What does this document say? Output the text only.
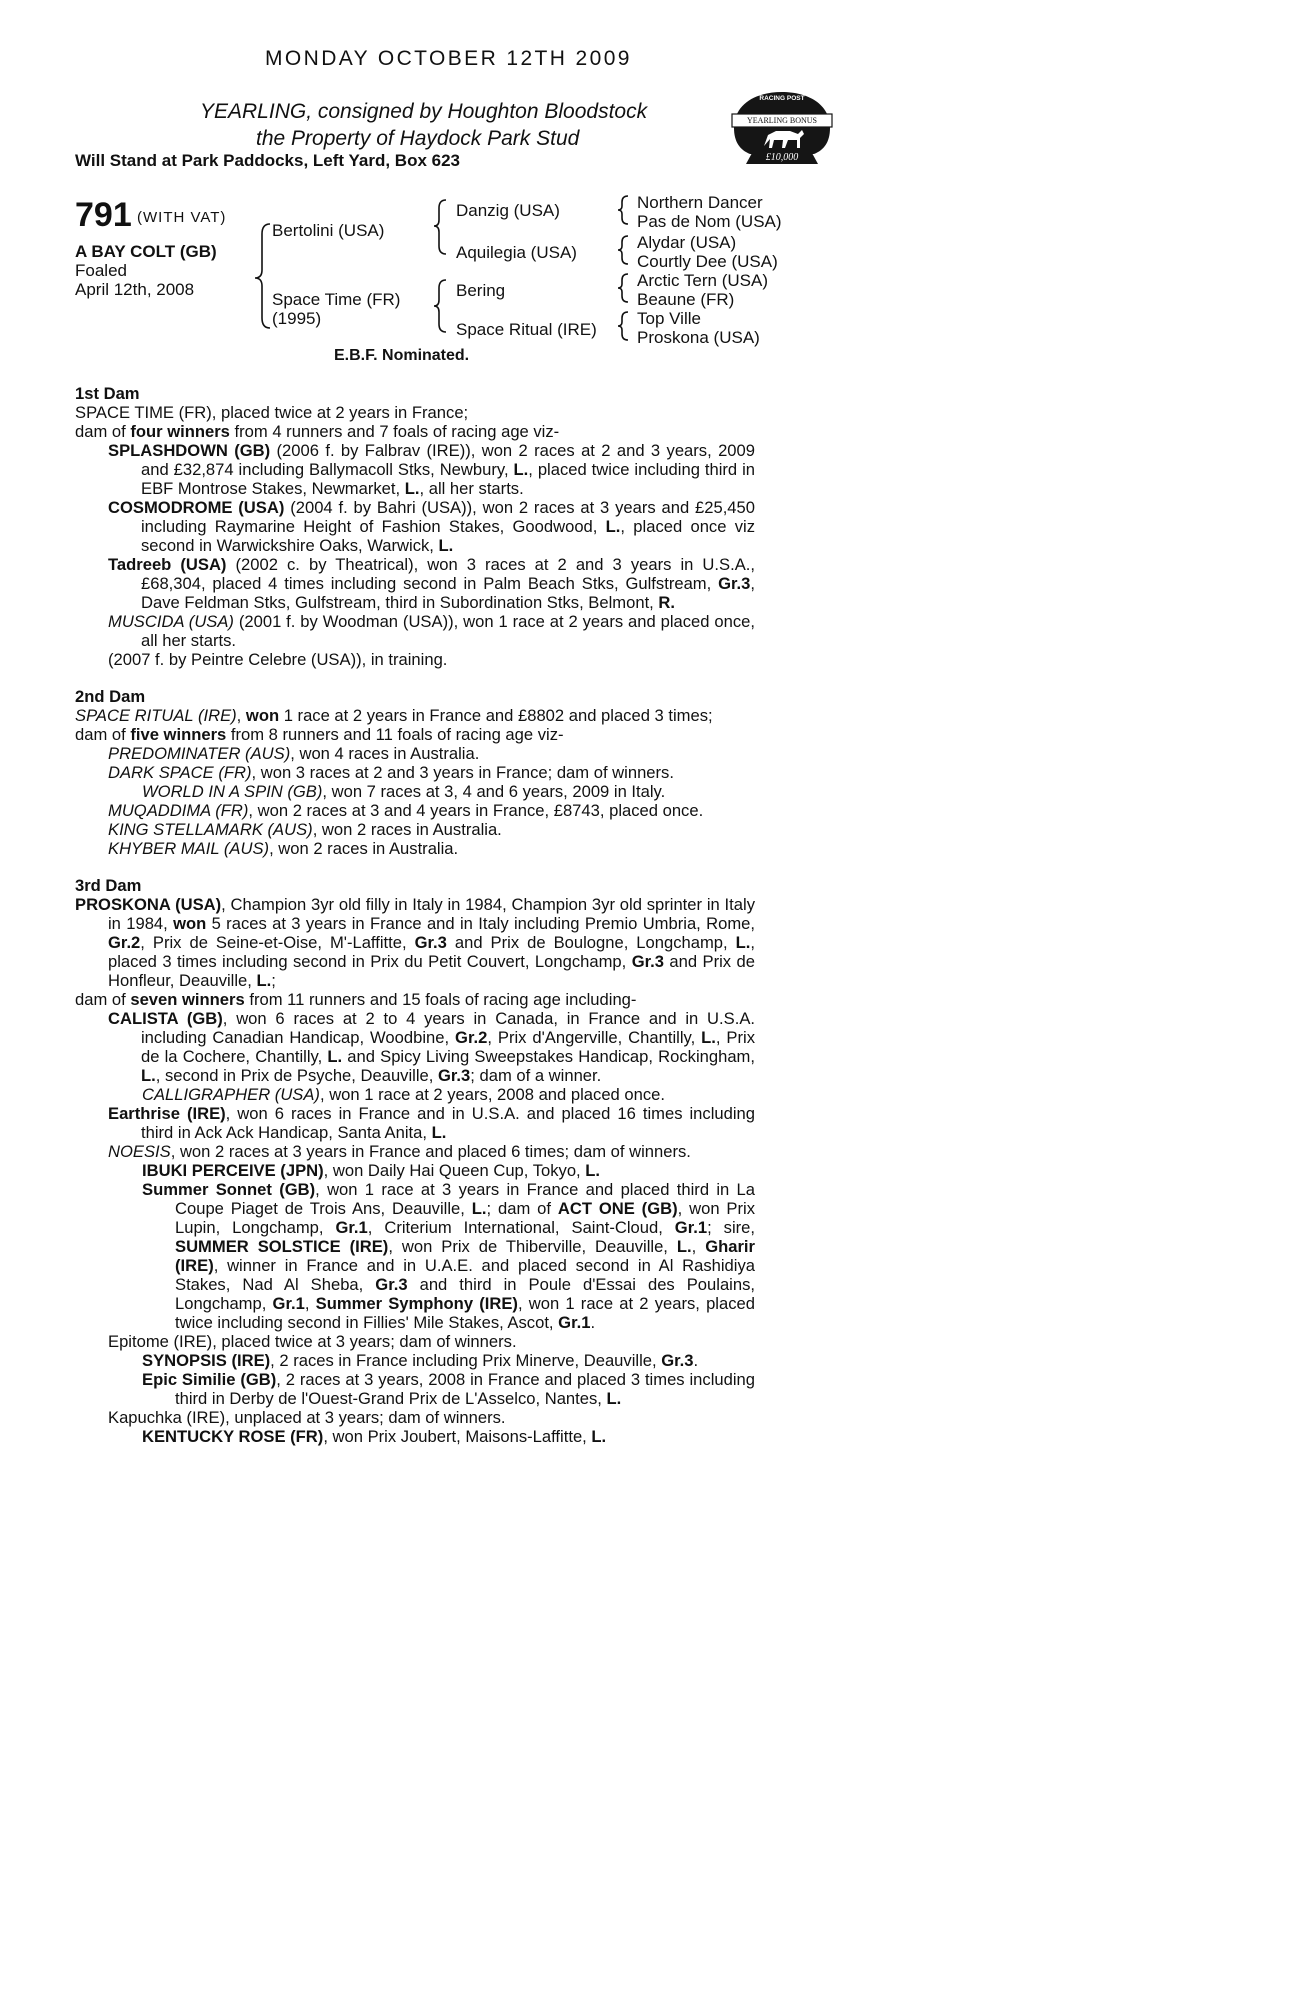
MONDAY OCTOBER 12TH 2009
YEARLING, consigned by Houghton Bloodstock
the Property of Haydock Park Stud
Will Stand at Park Paddocks, Left Yard, Box 623
RACING POST
YEARLING BONUS
£10,000
791 (WITH VAT)
A BAY COLT (GB)
Foaled
April 12th, 2008
Bertolini (USA)
Space Time (FR)
(1995)
Danzig (USA)
Aquilegia (USA)
Bering
Space Ritual (IRE)
Northern Dancer
Pas de Nom (USA)
Alydar (USA)
Courtly Dee (USA)
Arctic Tern (USA)
Beaune (FR)
Top Ville
Proskona (USA)
E.B.F. Nominated.

1st Dam

SPACE TIME (FR), placed twice at 2 years in France;

dam of four winners from 4 runners and 7 foals of racing age viz-

SPLASHDOWN (GB) (2006 f. by Falbrav (IRE)), won 2 races at 2 and 3 years, 2009 and £32,874 including Ballymacoll Stks, Newbury, L., placed twice including third in EBF Montrose Stakes, Newmarket, L., all her starts.

COSMODROME (USA) (2004 f. by Bahri (USA)), won 2 races at 3 years and £25,450 including Raymarine Height of Fashion Stakes, Goodwood, L., placed once viz second in Warwickshire Oaks, Warwick, L.

Tadreeb (USA) (2002 c. by Theatrical), won 3 races at 2 and 3 years in U.S.A., £68,304, placed 4 times including second in Palm Beach Stks, Gulfstream, Gr.3, Dave Feldman Stks, Gulfstream, third in Subordination Stks, Belmont, R.

MUSCIDA (USA) (2001 f. by Woodman (USA)), won 1 race at 2 years and placed once, all her starts.

(2007 f. by Peintre Celebre (USA)), in training.

2nd Dam

SPACE RITUAL (IRE), won 1 race at 2 years in France and £8802 and placed 3 times;

dam of five winners from 8 runners and 11 foals of racing age viz-

PREDOMINATER (AUS), won 4 races in Australia.

DARK SPACE (FR), won 3 races at 2 and 3 years in France; dam of winners.

WORLD IN A SPIN (GB), won 7 races at 3, 4 and 6 years, 2009 in Italy.

MUQADDIMA (FR), won 2 races at 3 and 4 years in France, £8743, placed once.

KING STELLAMARK (AUS), won 2 races in Australia.

KHYBER MAIL (AUS), won 2 races in Australia.

3rd Dam

PROSKONA (USA), Champion 3yr old filly in Italy in 1984, Champion 3yr old sprinter in Italy in 1984, won 5 races at 3 years in France and in Italy including Premio Umbria, Rome, Gr.2, Prix de Seine-et-Oise, M'-Laffitte, Gr.3 and Prix de Boulogne, Longchamp, L., placed 3 times including second in Prix du Petit Couvert, Longchamp, Gr.3 and Prix de Honfleur, Deauville, L.;

dam of seven winners from 11 runners and 15 foals of racing age including-

CALISTA (GB), won 6 races at 2 to 4 years in Canada, in France and in U.S.A. including Canadian Handicap, Woodbine, Gr.2, Prix d'Angerville, Chantilly, L., Prix de la Cochere, Chantilly, L. and Spicy Living Sweepstakes Handicap, Rockingham, L., second in Prix de Psyche, Deauville, Gr.3; dam of a winner.

CALLIGRAPHER (USA), won 1 race at 2 years, 2008 and placed once.

Earthrise (IRE), won 6 races in France and in U.S.A. and placed 16 times including third in Ack Ack Handicap, Santa Anita, L.

NOESIS, won 2 races at 3 years in France and placed 6 times; dam of winners.

IBUKI PERCEIVE (JPN), won Daily Hai Queen Cup, Tokyo, L.

Summer Sonnet (GB), won 1 race at 3 years in France and placed third in La Coupe Piaget de Trois Ans, Deauville, L.; dam of ACT ONE (GB), won Prix Lupin, Longchamp, Gr.1, Criterium International, Saint-Cloud, Gr.1; sire, SUMMER SOLSTICE (IRE), won Prix de Thiberville, Deauville, L., Gharir (IRE), winner in France and in U.A.E. and placed second in Al Rashidiya Stakes, Nad Al Sheba, Gr.3 and third in Poule d'Essai des Poulains, Longchamp, Gr.1, Summer Symphony (IRE), won 1 race at 2 years, placed twice including second in Fillies' Mile Stakes, Ascot, Gr.1.

Epitome (IRE), placed twice at 3 years; dam of winners.

SYNOPSIS (IRE), 2 races in France including Prix Minerve, Deauville, Gr.3.

Epic Similie (GB), 2 races at 3 years, 2008 in France and placed 3 times including third in Derby de l'Ouest-Grand Prix de L'Asselco, Nantes, L.

Kapuchka (IRE), unplaced at 3 years; dam of winners.

KENTUCKY ROSE (FR), won Prix Joubert, Maisons-Laffitte, L.
